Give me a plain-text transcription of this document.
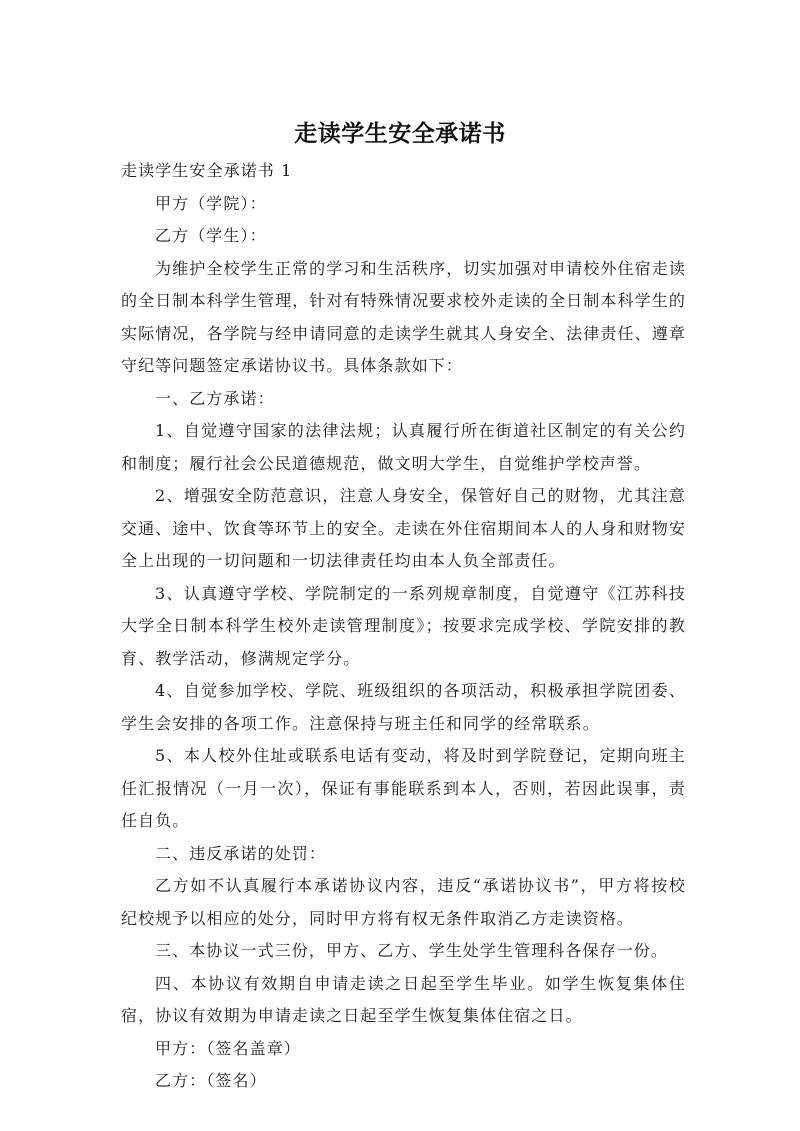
走读学生安全承诺书

走读学生安全承诺书 1

甲方（学院）：

乙方（学生）：

为维护全校学生正常的学习和生活秩序，切实加强对申请校外住宿走读的全日制本科学生管理，针对有特殊情况要求校外走读的全日制本科学生的实际情况，各学院与经申请同意的走读学生就其人身安全、法律责任、遵章守纪等问题签定承诺协议书。具体条款如下：

一、乙方承诺：

1、自觉遵守国家的法律法规；认真履行所在街道社区制定的有关公约和制度；履行社会公民道德规范，做文明大学生，自觉维护学校声誉。

2、增强安全防范意识，注意人身安全，保管好自己的财物，尤其注意交通、途中、饮食等环节上的安全。走读在外住宿期间本人的人身和财物安全上出现的一切问题和一切法律责任均由本人负全部责任。

3、认真遵守学校、学院制定的一系列规章制度，自觉遵守《江苏科技大学全日制本科学生校外走读管理制度》；按要求完成学校、学院安排的教育、教学活动，修满规定学分。

4、自觉参加学校、学院、班级组织的各项活动，积极承担学院团委、学生会安排的各项工作。注意保持与班主任和同学的经常联系。

5、本人校外住址或联系电话有变动，将及时到学院登记，定期向班主任汇报情况（一月一次），保证有事能联系到本人，否则，若因此误事，责任自负。

二、违反承诺的处罚：

乙方如不认真履行本承诺协议内容，违反“承诺协议书”，甲方将按校纪校规予以相应的处分，同时甲方将有权无条件取消乙方走读资格。

三、本协议一式三份，甲方、乙方、学生处学生管理科各保存一份。

四、本协议有效期自申请走读之日起至学生毕业。如学生恢复集体住宿，协议有效期为申请走读之日起至学生恢复集体住宿之日。

甲方：（签名盖章）

乙方：（签名）
